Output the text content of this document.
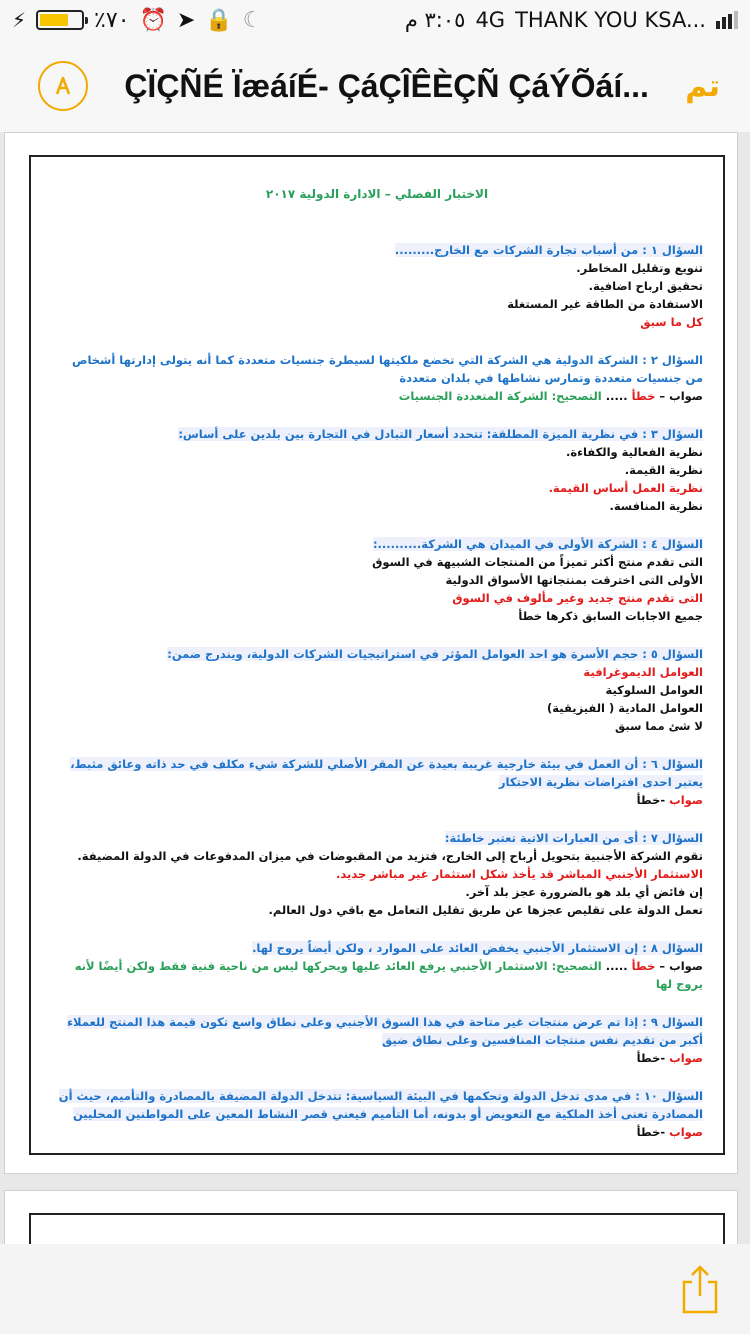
⚡	٪٧٠ ⏰ ➤ 🔒 ☾	٣:٠٥ م 4G THANK YOU KSA...
ÇÏÇÑÉ ÏæáíÉ- ÇáÇÎÊÈÇÑ ÇáÝÕáí...	تم
الاختبار الفصلي – الادارة الدولية ٢٠١٧
السؤال ١ : من أسباب تجارة الشركات مع الخارج.........
تنويع وتقليل المخاطر.
تحقيق ارباح اضافية.
الاستفادة من الطاقة غير المستغلة
كل ما سبق
السؤال ٢ : الشركة الدولية هي الشركة التي تخضع ملكيتها لسيطرة جنسيات متعددة كما أنه يتولى إدارتها أشخاص من جنسيات متعددة وتمارس نشاطها في بلدان متعددة
صواب – خطأ ..... التصحيح: الشركة المتعددة الجنسيات
السؤال ٣ : في نظرية الميزة المطلقة: تتحدد أسعار التبادل في التجارة بين بلدين على أساس:
نظرية الفعالية والكفاءة.
نظرية القيمة.
نظرية العمل أساس القيمة.
نظرية المنافسة.
السؤال ٤ : الشركة الأولى في الميدان هي الشركة..........:
التى تقدم منتج أكثر تميزاً من المنتجات الشبيهة في السوق
الأولى التى اخترقت بمنتجاتها الأسواق الدولية
التى تقدم منتج جديد وغير مألوف في السوق
جميع الاجابات السابق ذكرها خطأ
السؤال ٥ : حجم الأسرة هو احد العوامل المؤثر في استراتيجيات الشركات الدولية، ويندرج ضمن:
العوامل الديموغرافية
العوامل السلوكية
العوامل المادية ( الفيزيقية)
لا شئ مما سبق
السؤال ٦ : أن العمل في بيئة خارجية غريبة بعيدة عن المقر الأصلي للشركة شيء مكلف في حد ذاته وعائق مثبط، يعتبر احدى افتراضات نظرية الاحتكار
صواب -خطأ
السؤال ٧ : أى من العبارات الاتية تعتبر خاطئة:
تقوم الشركة الأجنبية بتحويل أرباح إلى الخارج، فتزيد من المقبوضات في ميزان المدفوعات في الدولة المضيفة.
الاستثمار الأجنبي المباشر قد يأخذ شكل استثمار غير مباشر جديد.
إن فائض أي بلد هو بالضرورة عجز بلد آخر.
تعمل الدولة على تقليص عجزها عن طريق تقليل التعامل مع باقي دول العالم.
السؤال ٨ : إن الاستثمار الأجنبي يخفض العائد على الموارد ، ولكن أيضاً يروج لها.
صواب – خطأ ..... التصحيح: الاستثمار الأجنبي يرفع العائد عليها ويحركها ليس من ناحية فنية فقط ولكن أيضًا لأنه يروج لها
السؤال ٩ : إذا تم عرض منتجات غير متاحة في هذا السوق الأجنبي وعلى نطاق واسع تكون قيمة هذا المنتج للعملاء أكبر من تقديم نفس منتجات المنافسين وعلى نطاق ضيق
صواب -خطأ
السؤال ١٠ : في مدى تدخل الدولة وتحكمها في البيئة السياسية: تتدخل الدولة المضيفة بالمصادرة والتأميم، حيث أن المصادرة تعنى أخذ الملكية مع التعويض أو بدونه، أما التأميم فيعني قصر النشاط المعين على المواطنين المحليين
صواب -خطأ
